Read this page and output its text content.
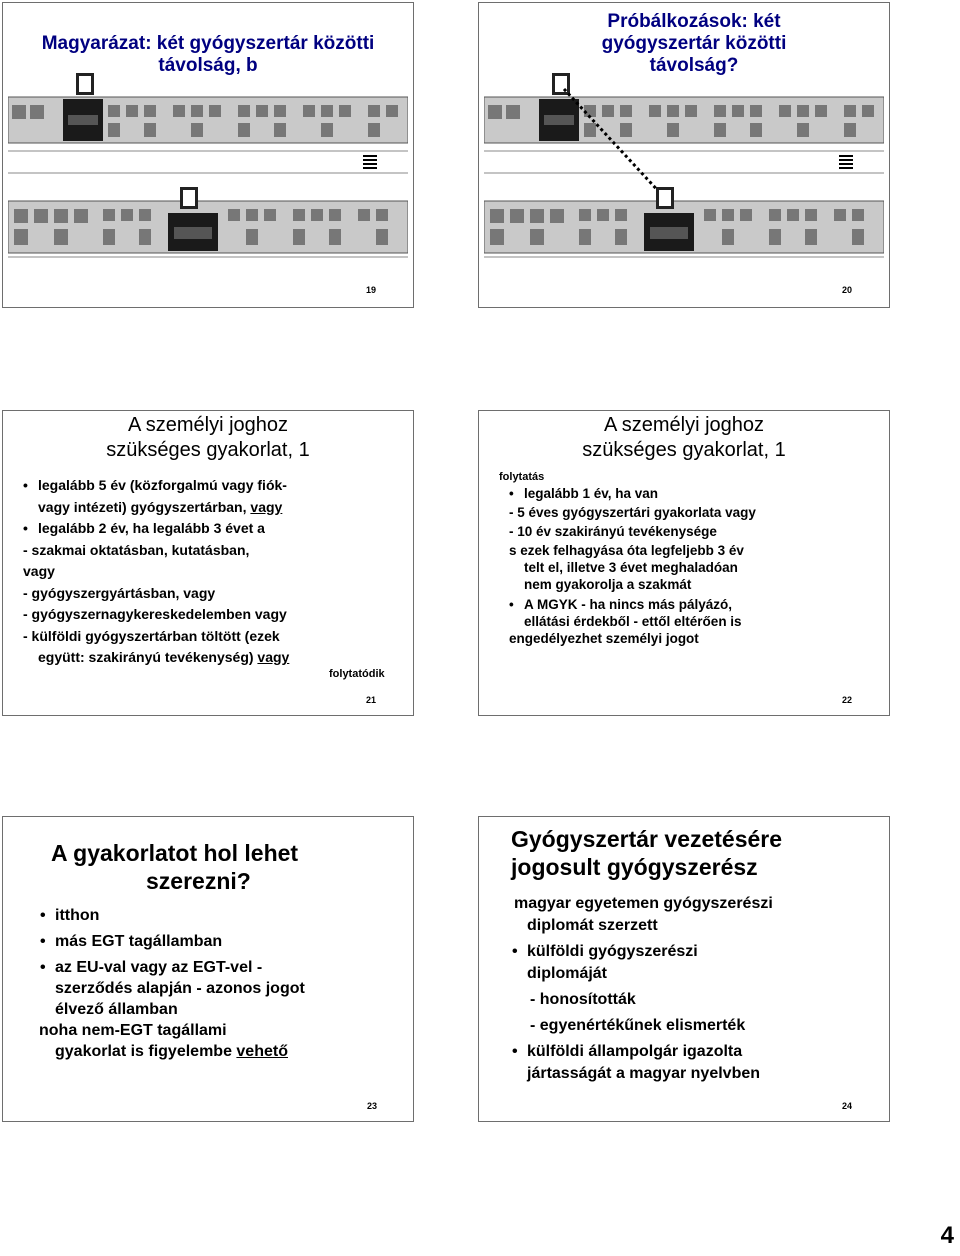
Magyarázat: két gyógyszertár közötti távolság, b
19
Próbálkozások: két gyógyszertár közötti távolság?
20
A személyi joghoz
szükséges gyakorlat, 1
• legalább 5 év (közforgalmú vagy fiók-
vagy intézeti) gyógyszertárban, vagy
• legalább 2 év, ha legalább 3 évet a
- szakmai oktatásban, kutatásban,
vagy
- gyógyszergyártásban, vagy
- gyógyszernagykereskedelemben vagy
- külföldi gyógyszertárban töltött (ezek
együtt: szakirányú tevékenység) vagy
folytatódik
21
A személyi joghoz
szükséges gyakorlat, 1
folytatás
• legalább 1 év, ha van
- 5 éves gyógyszertári gyakorlata vagy
- 10 év szakirányú tevékenysége
s ezek felhagyása óta legfeljebb 3 év
telt el, illetve 3 évet meghaladóan
nem gyakorolja a szakmát
• A MGYK - ha nincs más pályázó,
ellátási érdekből - ettől eltérően is
engedélyezhet személyi jogot
22
A gyakorlatot hol lehet
szerezni?
• itthon
• más EGT tagállamban
• az EU-val vagy az EGT-vel -
szerződés alapján - azonos jogot
élvező államban
noha nem-EGT tagállami
gyakorlat is figyelembe vehető
23
Gyógyszertár vezetésére
jogosult gyógyszerész
magyar egyetemen gyógyszerészi
diplomát szerzett
• külföldi gyógyszerészi
diplomáját
- honosították
- egyenértékűnek elismerték
• külföldi állampolgár igazolta
jártasságát a magyar nyelvben
24
4
